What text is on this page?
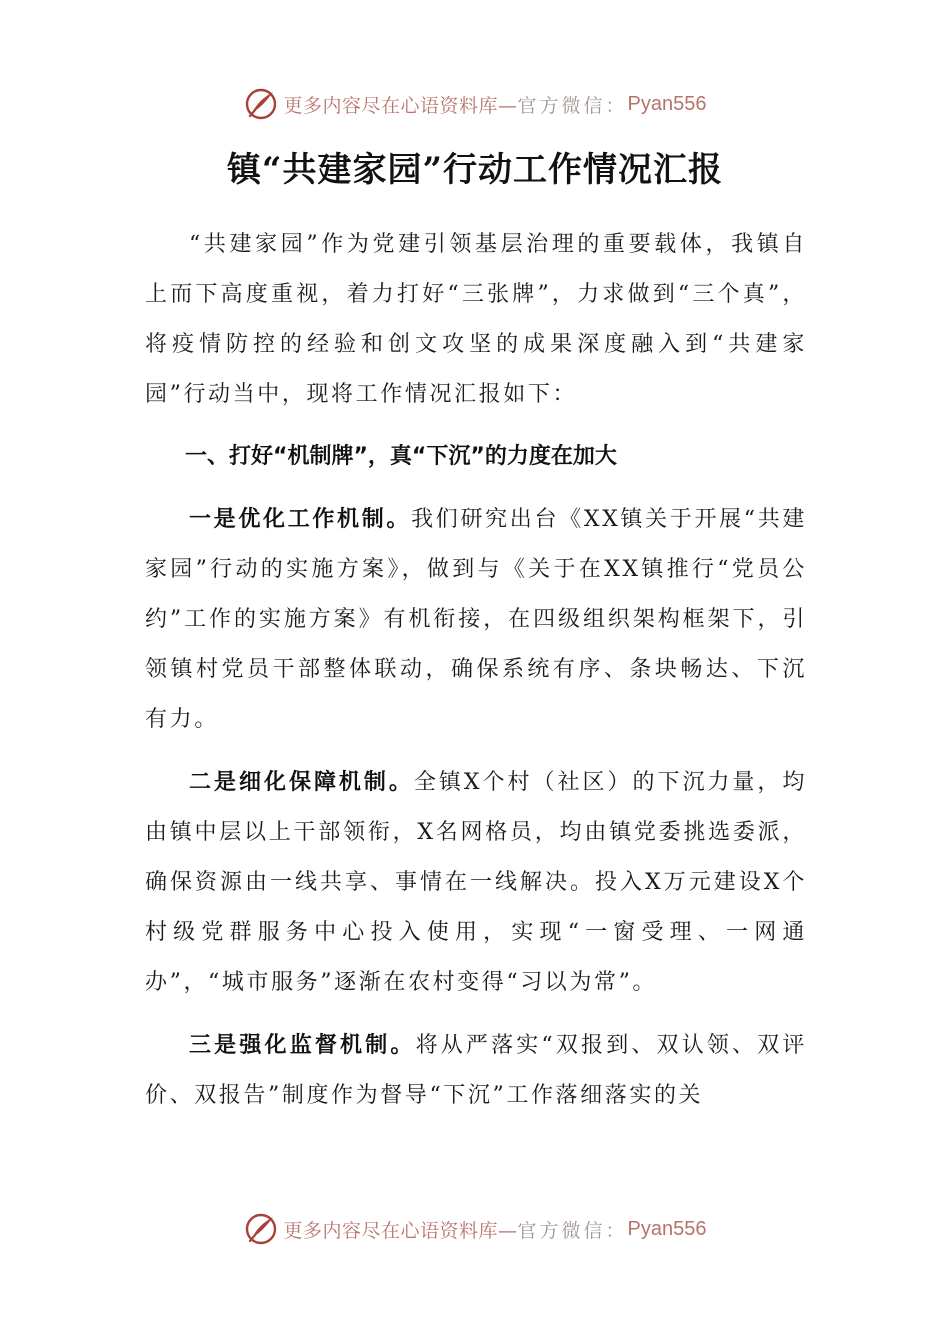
更多内容尽在心语资料库— 官方微信： Pyan556
镇“共建家园”行动工作情况汇报

“共建家园”作为党建引领基层治理的重要载体，我镇自上而下高度重视，着力打好“三张牌”，力求做到“三个真”，将疫情防控的经验和创文攻坚的成果深度融入到“共建家园”行动当中，现将工作情况汇报如下：

一、打好“机制牌”，真“下沉”的力度在加大

一是优化工作机制。我们研究出台《XX镇关于开展“共建家园”行动的实施方案》，做到与《关于在XX镇推行“党员公约”工作的实施方案》有机衔接，在四级组织架构框架下，引领镇村党员干部整体联动，确保系统有序、条块畅达、下沉有力。

二是细化保障机制。全镇X个村（社区）的下沉力量，均由镇中层以上干部领衔，X名网格员，均由镇党委挑选委派，确保资源由一线共享、事情在一线解决。投入X万元建设X个村级党群服务中心投入使用，实现“一窗受理、一网通办”，“城市服务”逐渐在农村变得“习以为常”。

三是强化监督机制。将从严落实“双报到、双认领、双评价、双报告”制度作为督导“下沉”工作落细落实的关

更多内容尽在心语资料库— 官方微信： Pyan556
